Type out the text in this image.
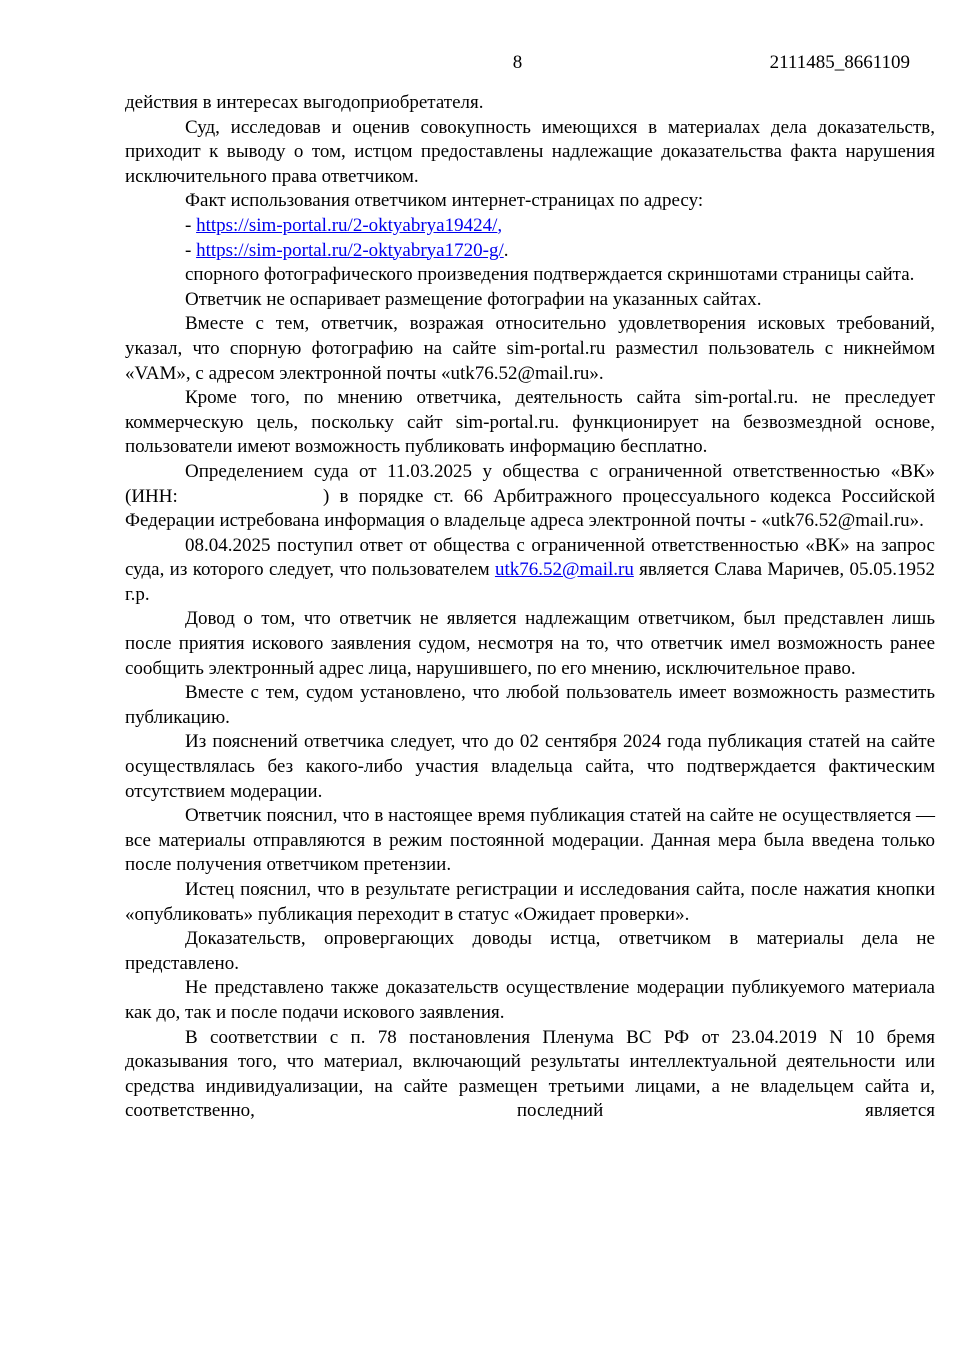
8	2111485_8661109

действия в интересах выгодоприобретателя.

Суд, исследовав и оценив совокупность имеющихся в материалах дела доказательств, приходит к выводу о том, истцом предоставлены надлежащие доказательства факта нарушения исключительного права ответчиком.

Факт использования ответчиком интернет-страницах по адресу:

- https://sim-portal.ru/2-oktyabrya19424/,

- https://sim-portal.ru/2-oktyabrya1720-g/.

спорного фотографического произведения подтверждается скриншотами страницы сайта.

Ответчик не оспаривает размещение фотографии на указанных сайтах.

Вместе с тем, ответчик, возражая относительно удовлетворения исковых требований, указал, что спорную фотографию на сайте sim-portal.ru разместил пользователь с никнеймом «VAM», с адресом электронной почты «utk76.52@mail.ru».

Кроме того, по мнению ответчика, деятельность сайта sim-portal.ru. не преследует коммерческую цель, поскольку сайт sim-portal.ru. функционирует на безвозмездной основе, пользователи имеют возможность публиковать информацию бесплатно.

Определением суда от 11.03.2025 у общества с ограниченной ответственностью «ВК» (ИНН:	) в порядке ст. 66 Арбитражного процессуального кодекса Российской Федерации истребована информация о владельце адреса электронной почты - «utk76.52@mail.ru».

08.04.2025 поступил ответ от общества с ограниченной ответственностью «ВК» на запрос суда, из которого следует, что пользователем utk76.52@mail.ru является Слава Маричев, 05.05.1952 г.р.

Довод о том, что ответчик не является надлежащим ответчиком, был представлен лишь после приятия искового заявления судом, несмотря на то, что ответчик имел возможность ранее сообщить электронный адрес лица, нарушившего, по его мнению, исключительное право.

Вместе с тем, судом установлено, что любой пользователь имеет возможность разместить публикацию.

Из пояснений ответчика следует, что до 02 сентября 2024 года публикация статей на сайте осуществлялась без какого-либо участия владельца сайта, что подтверждается фактическим отсутствием модерации.

Ответчик пояснил, что в настоящее время публикация статей на сайте не осуществляется — все материалы отправляются в режим постоянной модерации. Данная мера была введена только после получения ответчиком претензии.

Истец пояснил, что в результате регистрации и исследования сайта, после нажатия кнопки «опубликовать» публикация переходит в статус «Ожидает проверки».

Доказательств, опровергающих доводы истца, ответчиком в материалы дела не представлено.

Не представлено также доказательств осуществление модерации публикуемого материала как до, так и после подачи искового заявления.

В соответствии с п. 78 постановления Пленума ВС РФ от 23.04.2019 N 10 бремя доказывания того, что материал, включающий результаты интеллектуальной деятельности или средства индивидуализации, на сайте размещен третьими лицами, а не владельцем сайта и, соответственно, последний является
